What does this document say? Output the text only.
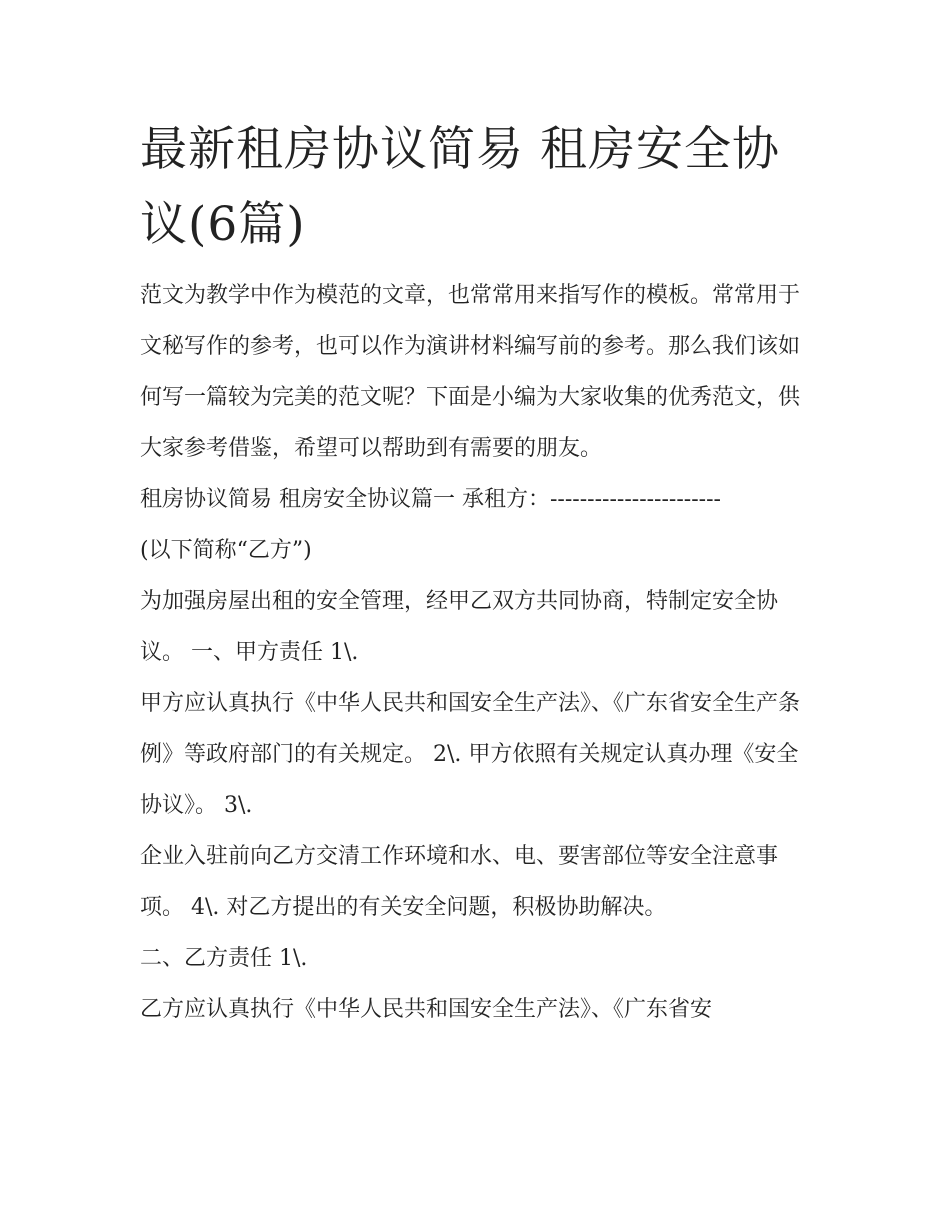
最新租房协议简易 租房安全协议(6篇)

范文为教学中作为模范的文章，也常常用来指写作的模板。常常用于文秘写作的参考，也可以作为演讲材料编写前的参考。那么我们该如何写一篇较为完美的范文呢？下面是小编为大家收集的优秀范文，供大家参考借鉴，希望可以帮助到有需要的朋友。

租房协议简易 租房安全协议篇一 承租方：-----------------------

(以下简称“乙方”)

为加强房屋出租的安全管理，经甲乙双方共同协商，特制定安全协议。 一、甲方责任 1\.

甲方应认真执行《中华人民共和国安全生产法》、《广东省安全生产条例》等政府部门的有关规定。 2\. 甲方依照有关规定认真办理《安全协议》。 3\.

企业入驻前向乙方交清工作环境和水、电、要害部位等安全注意事项。 4\. 对乙方提出的有关安全问题，积极协助解决。

二、乙方责任 1\.

乙方应认真执行《中华人民共和国安全生产法》、《广东省安
